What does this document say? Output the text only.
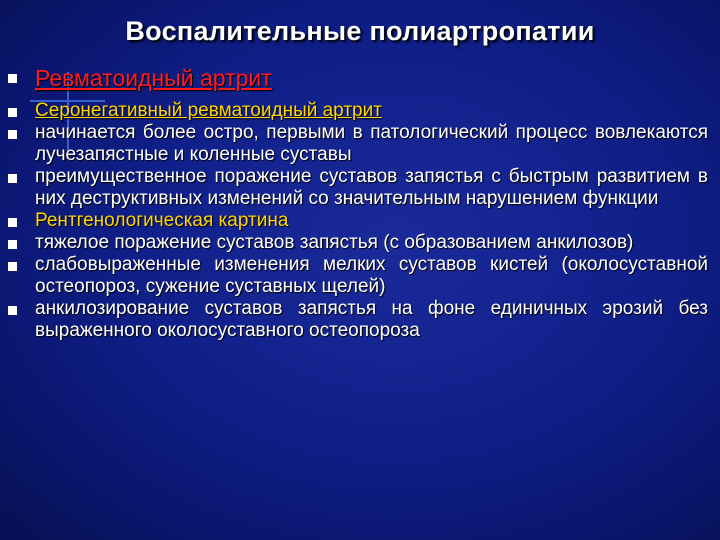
Воспалительные полиартропатии
Ревматоидный артрит
Серонегативный ревматоидный артрит
начинается более остро, первыми в патологический процесс вовлекаются лучезапястные и коленные суставы
преимущественное поражение суставов запястья с быстрым развитием в них деструктивных изменений со значительным нарушением функции
Рентгенологическая картина
тяжелое поражение суставов запястья (с образованием анкилозов)
слабовыраженные изменения мелких суставов кистей (околосуставной остеопороз, сужение суставных щелей)
анкилозирование суставов запястья на фоне единичных эрозий без выраженного околосуставного остеопороза
